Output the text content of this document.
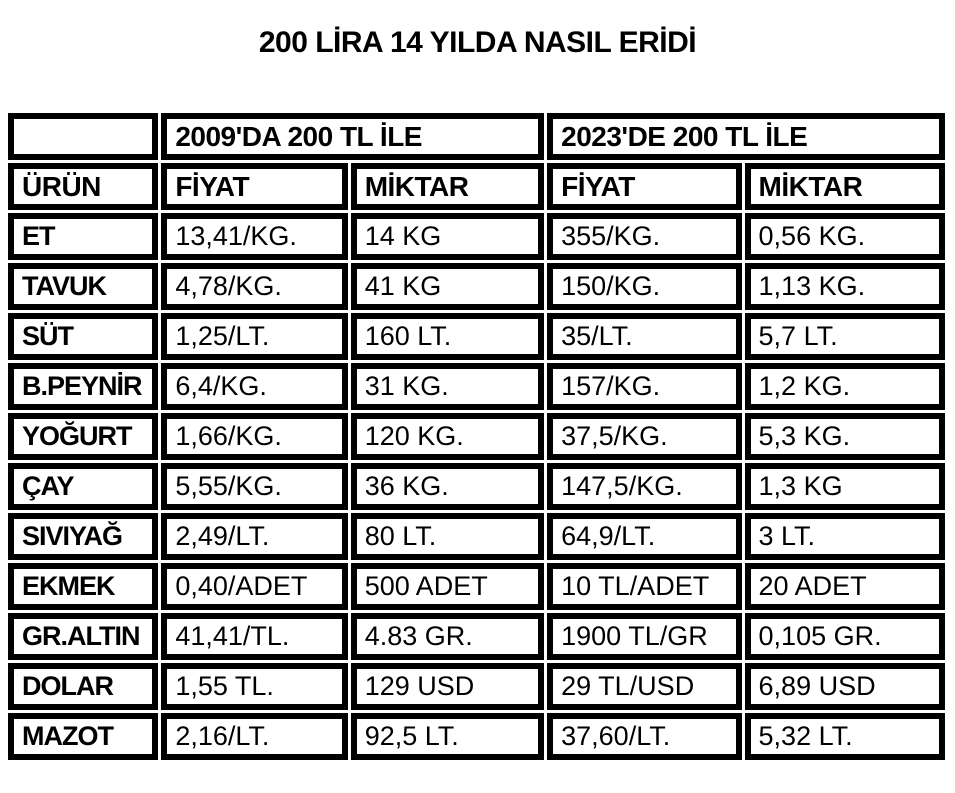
200 LİRA 14 YILDA NASIL ERİDİ
	2009'DA 200 TL İLE		2023'DE 200 TL İLE	
ÜRÜN	FİYAT	MİKTAR	FİYAT	MİKTAR
ET	13,41/KG.	14 KG	355/KG.	0,56 KG.
TAVUK	4,78/KG.	41 KG	150/KG.	1,13 KG.
SÜT	1,25/LT.	160 LT.	35/LT.	5,7 LT.
B.PEYNİR	6,4/KG.	31 KG.	157/KG.	1,2 KG.
YOĞURT	1,66/KG.	120 KG.	37,5/KG.	5,3 KG.
ÇAY	5,55/KG.	36 KG.	147,5/KG.	1,3 KG
SIVIYAĞ	2,49/LT.	80 LT.	64,9/LT.	3 LT.
EKMEK	0,40/ADET	500 ADET	10 TL/ADET	20 ADET
GR.ALTIN	41,41/TL.	4.83 GR.	1900 TL/GR	0,105 GR.
DOLAR	1,55 TL.	129 USD	29 TL/USD	6,89 USD
MAZOT	2,16/LT.	92,5 LT.	37,60/LT.	5,32 LT.
